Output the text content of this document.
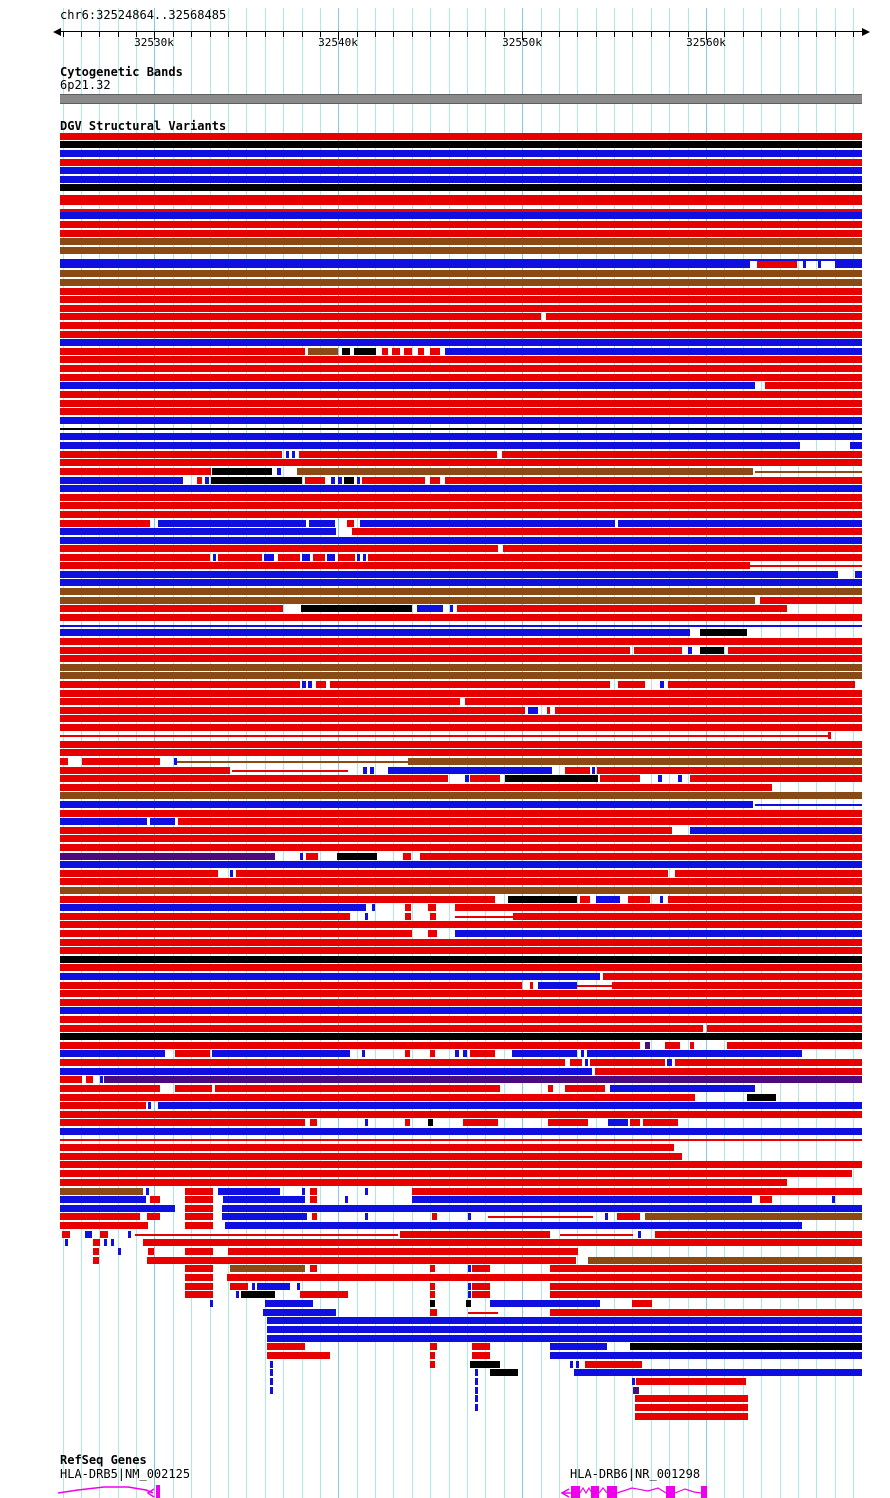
chr6:32524864..32568485
32530k	32540k	32550k	32560k
Cytogenetic Bands
6p21.32
DGV Structural Variants
RefSeq Genes
HLA-DRB5|NM_002125	HLA-DRB6|NR_001298
